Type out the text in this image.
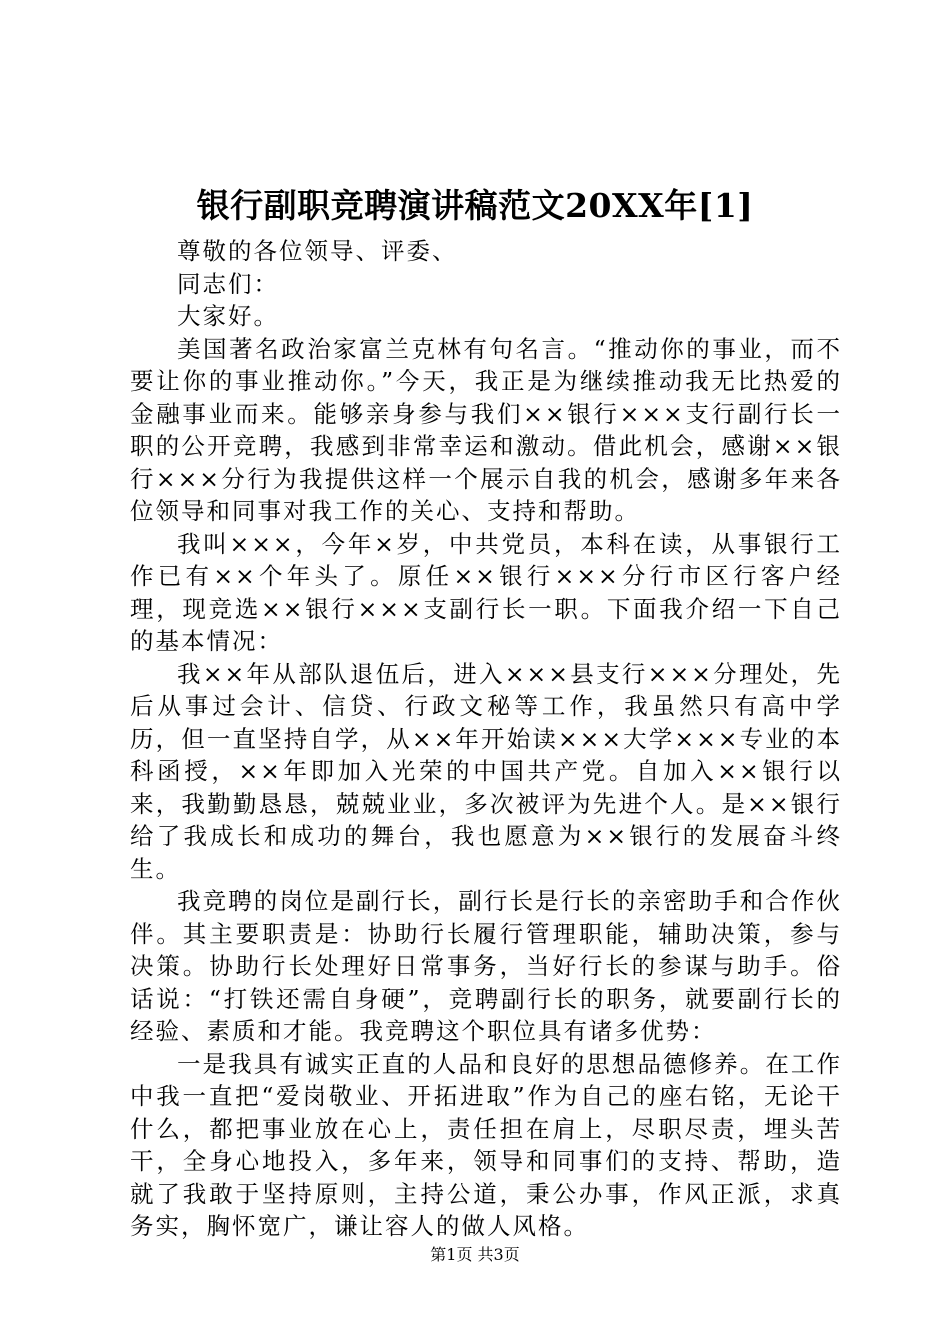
银行副职竞聘演讲稿范文20XX年[1]

尊敬的各位领导、评委、

同志们：

大家好。

美国著名政治家富兰克林有句名言。“推动你的事业，而不要让你的事业推动你。”今天，我正是为继续推动我无比热爱的金融事业而来。能够亲身参与我们××银行×××支行副行长一职的公开竞聘，我感到非常幸运和激动。借此机会，感谢××银行×××分行为我提供这样一个展示自我的机会，感谢多年来各位领导和同事对我工作的关心、支持和帮助。

我叫×××，今年×岁，中共党员，本科在读，从事银行工作已有××个年头了。原任××银行×××分行市区行客户经理，现竞选××银行×××支副行长一职。下面我介绍一下自己的基本情况：

我××年从部队退伍后，进入×××县支行×××分理处，先后从事过会计、信贷、行政文秘等工作，我虽然只有高中学历，但一直坚持自学，从××年开始读×××大学×××专业的本科函授，××年即加入光荣的中国共产党。自加入××银行以来，我勤勤恳恳，兢兢业业，多次被评为先进个人。是××银行给了我成长和成功的舞台，我也愿意为××银行的发展奋斗终生。

我竞聘的岗位是副行长，副行长是行长的亲密助手和合作伙伴。其主要职责是：协助行长履行管理职能，辅助决策，参与决策。协助行长处理好日常事务，当好行长的参谋与助手。俗话说：“打铁还需自身硬”，竞聘副行长的职务，就要副行长的经验、素质和才能。我竞聘这个职位具有诸多优势：

一是我具有诚实正直的人品和良好的思想品德修养。在工作中我一直把“爱岗敬业、开拓进取”作为自己的座右铭，无论干什么，都把事业放在心上，责任担在肩上，尽职尽责，埋头苦干，全身心地投入，多年来，领导和同事们的支持、帮助，造就了我敢于坚持原则，主持公道，秉公办事，作风正派，求真务实，胸怀宽广，谦让容人的做人风格。

第1页 共3页
